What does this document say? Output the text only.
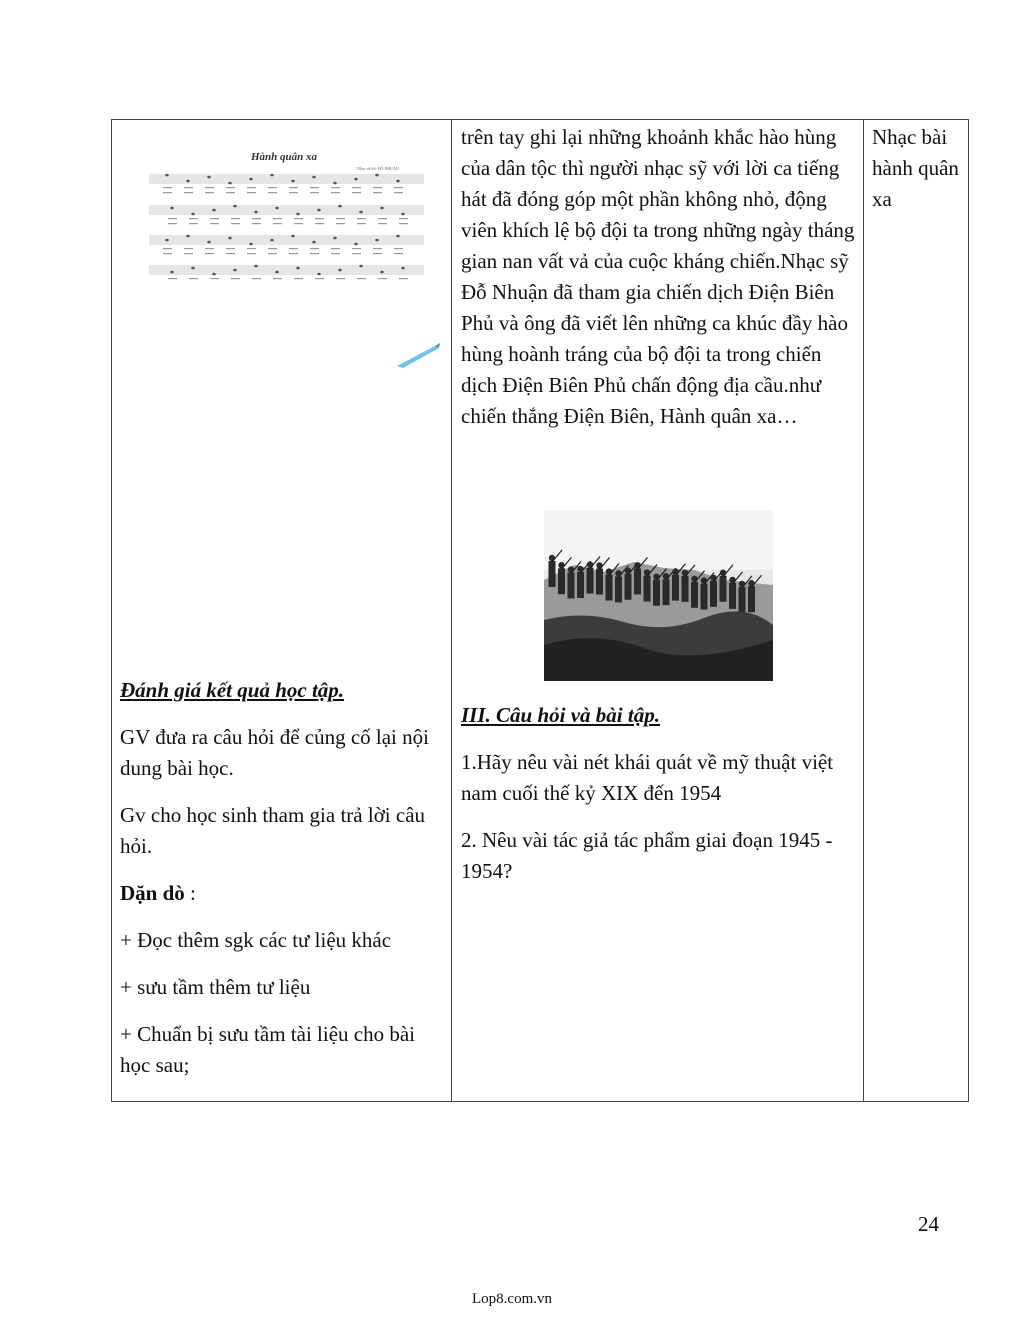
Hành quân xa
Nhạc và lời: ĐỖ NHUẬN

Đánh giá kết quả học tập.

GV đưa ra câu hỏi để củng cố lại nội dung bài học.

Gv cho học sinh tham gia trả lời câu hỏi.

Dặn dò :

+ Đọc thêm sgk các tư liệu khác

+ sưu tầm thêm tư liệu

+ Chuẩn bị sưu tầm tài liệu cho bài học sau;

trên tay ghi lại những khoảnh khắc hào hùng của dân tộc thì người nhạc sỹ với lời ca tiếng hát đã đóng góp một phần không nhỏ, động viên khích lệ bộ đội ta trong những ngày tháng gian nan vất vả của cuộc kháng chiến.Nhạc sỹ Đỗ Nhuận đã tham gia chiến dịch Điện Biên Phủ và ông đã viết lên những ca khúc đầy hào hùng hoành tráng của bộ đội ta trong chiến dịch Điện Biên Phủ chấn động địa cầu.như chiến thắng Điện Biên, Hành quân xa…

III. Câu hỏi và bài tập.

1.Hãy nêu vài nét khái quát về mỹ thuật việt nam cuối thế kỷ XIX đến 1954

2. Nêu vài tác giả tác phẩm giai đoạn 1945 - 1954?

Nhạc bài hành quân xa
24
Lop8.com.vn
